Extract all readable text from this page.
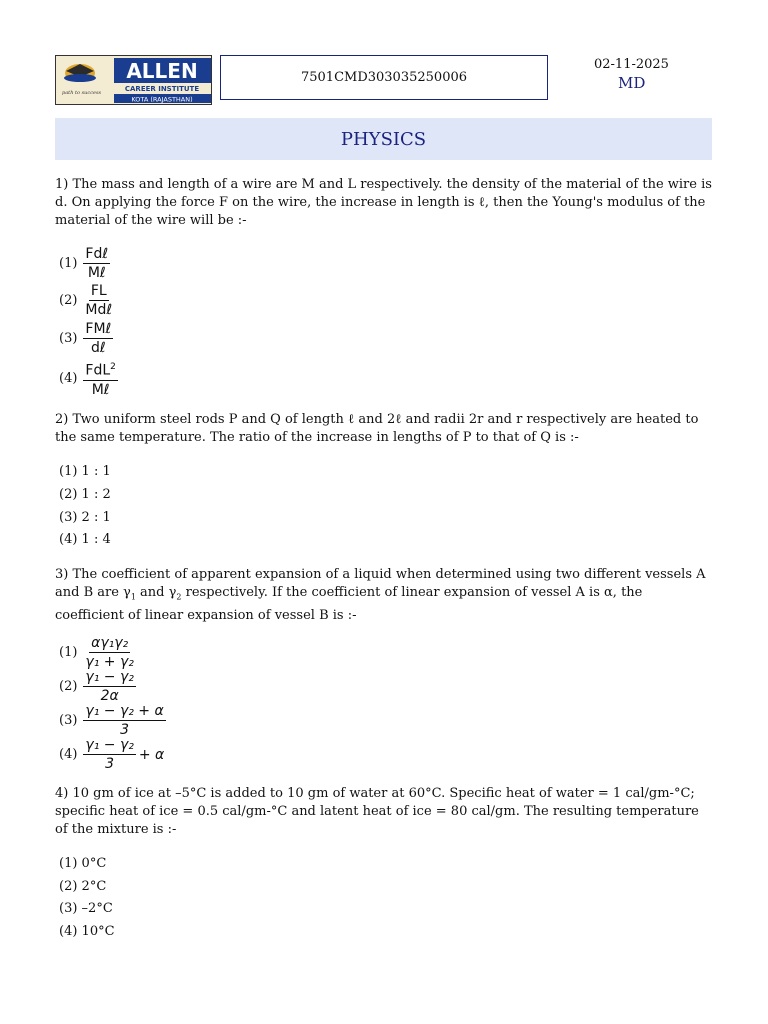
path to success
ALLEN
CAREER INSTITUTE
KOTA (RAJASTHAN)
7501CMD303035250006
02-11-2025
MD
PHYSICS
1) The mass and length of a wire are M and L respectively. the density of the material of the wire is d. On applying the force F on the wire, the increase in length is ℓ, then the Young's modulus of the material of the wire will be :-
$(1) \frac{\text{Fdℓ}}{\text{Mℓ}}$
$(2) \frac{FL}{\text{Mdℓ}}$
$(3) \frac{\text{FMℓ}}{\text{dℓ}}$
$(4) \frac{FdL^2}{\text{Mℓ}}$
2) Two uniform steel rods P and Q of length ℓ and 2ℓ and radii 2r and r respectively are heated to the same temperature. The ratio of the increase in lengths of P to that of Q is :-
(1) 1 : 1
(2) 1 : 2
(3) 2 : 1
(4) 1 : 4
3) The coefficient of apparent expansion of a liquid when determined using two different vessels A and B are $\gamma_1$ and $\gamma_2$ respectively. If the coefficient of linear expansion of vessel A is α, the coefficient of linear expansion of vessel B is :-
$(1) \frac{\text{αγ₁γ₂}}{\text{γ₁ + γ₂}}$
$(2) \frac{\text{γ₁ − γ₂}}{2\alpha}$
$(3) \frac{\text{γ₁ − γ₂ + α}}{3}$
$(4) \frac{\text{γ₁ − γ₂}}{3} + \alpha$
4) 10 gm of ice at –5°C is added to 10 gm of water at 60°C. Specific heat of water = 1 cal/gm-°C; specific heat of ice = 0.5 cal/gm-°C and latent heat of ice = 80 cal/gm. The resulting temperature of the mixture is :-
(1) 0°C
(2) 2°C
(3) –2°C
(4) 10°C
